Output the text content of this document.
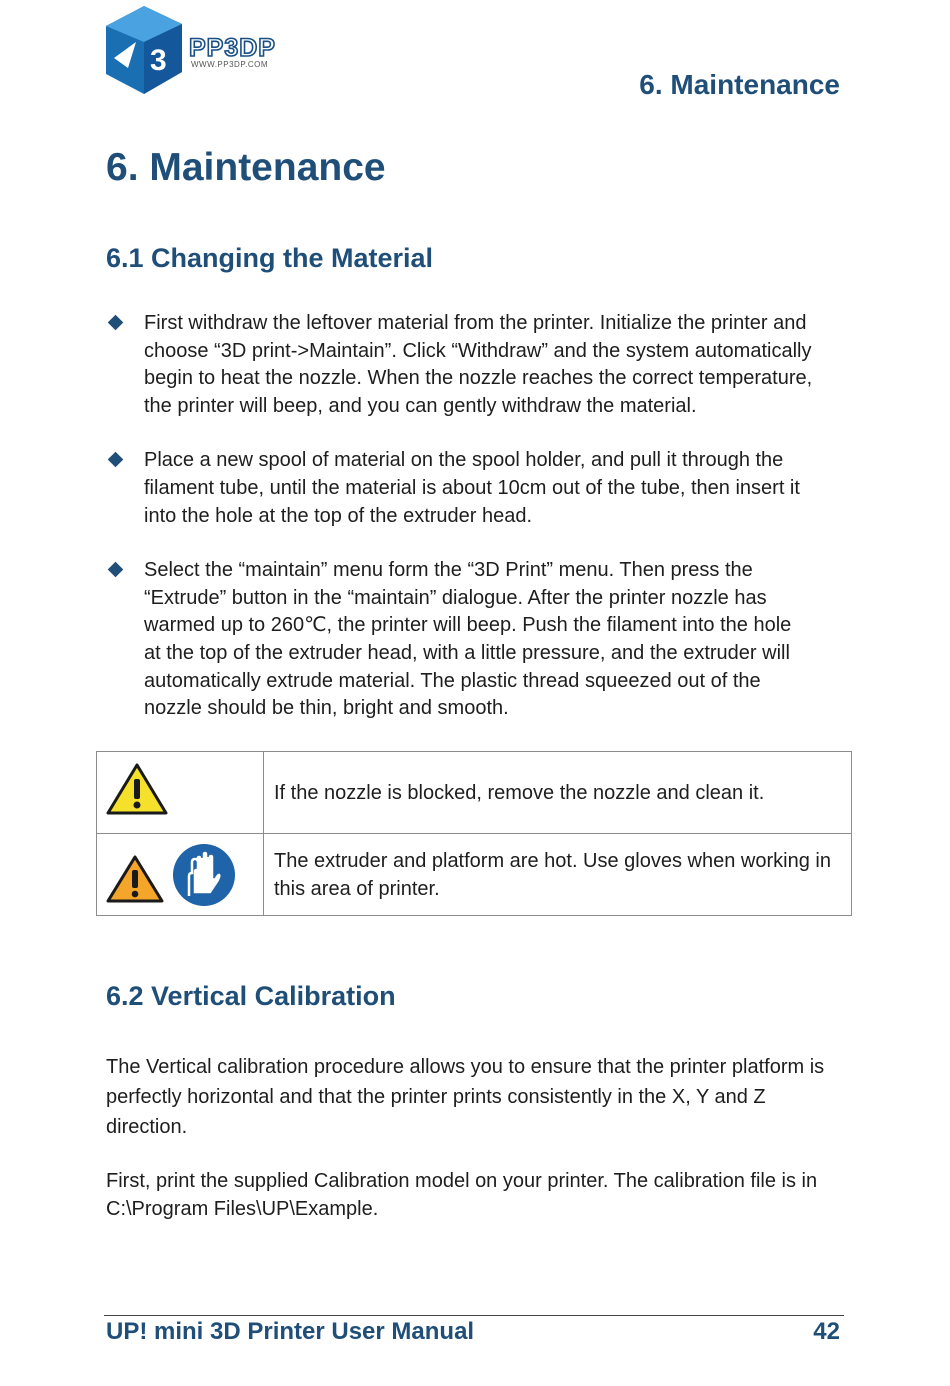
3 PP3DP
WWW.PP3DP.COM
6. Maintenance
6. Maintenance
6.1 Changing the Material
First withdraw the leftover material from the printer. Initialize the printer and
choose “3D print->Maintain”. Click “Withdraw” and the system automatically
begin to heat the nozzle. When the nozzle reaches the correct temperature,
the printer will beep, and you can gently withdraw the material.
Place a new spool of material on the spool holder, and pull it through the
filament tube, until the material is about 10cm out of the tube, then insert it
into the hole at the top of the extruder head.
Select the “maintain” menu form the “3D Print” menu. Then press the
“Extrude” button in the “maintain” dialogue. After the printer nozzle has
warmed up to 260℃, the printer will beep. Push the filament into the hole
at the top of the extruder head, with a little pressure, and the extruder will
automatically extrude material. The plastic thread squeezed out of the
nozzle should be thin, bright and smooth.
	If the nozzle is blocked, remove the nozzle and clean it.
	The extruder and platform are hot. Use gloves when working in this area of printer.
6.2 Vertical Calibration

The Vertical calibration procedure allows you to ensure that the printer platform is perfectly horizontal and that the printer prints consistently in the X, Y and Z direction.

First, print the supplied Calibration model on your printer. The calibration file is in C:\Program Files\UP\Example.

UP! mini 3D Printer User Manual	42
